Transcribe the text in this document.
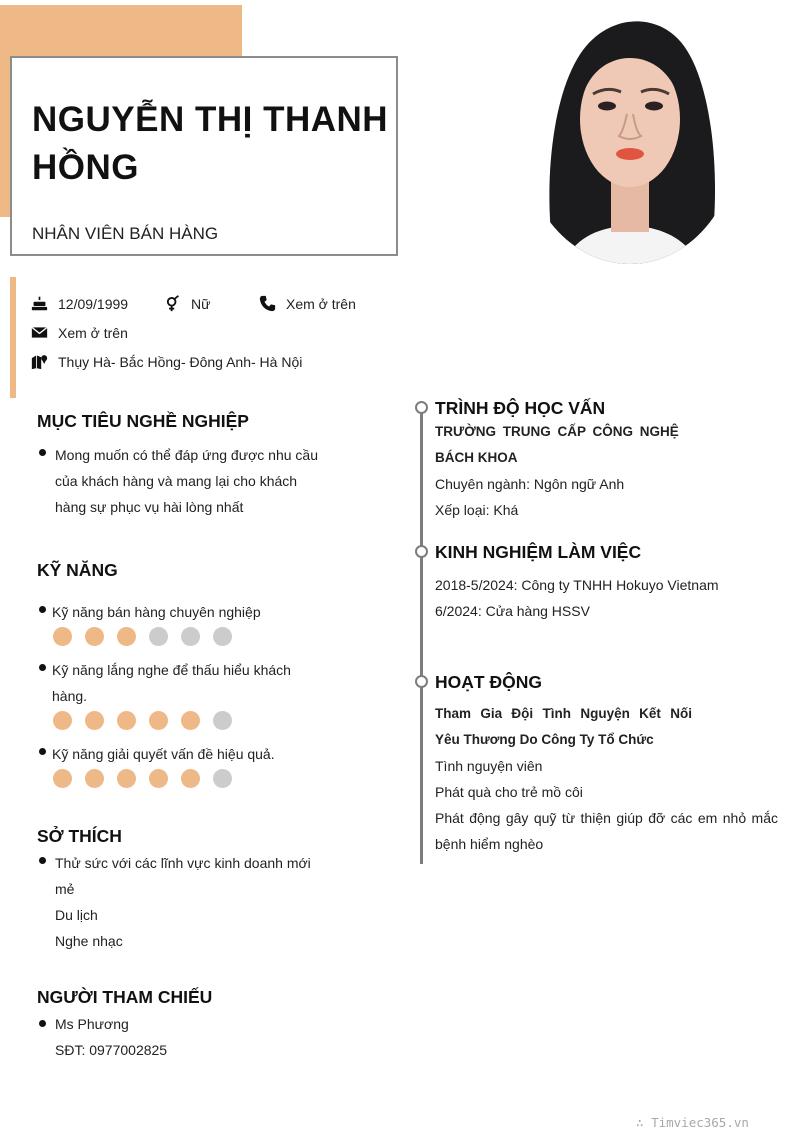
NGUYỄN THỊ THANH
HỒNG
NHÂN VIÊN BÁN HÀNG
12/09/1999	Nữ	Xem ở trên
Xem ở trên
Thụy Hà- Bắc Hồng- Đông Anh- Hà Nội
MỤC TIÊU NGHỀ NGHIỆP
Mong muốn có thể đáp ứng được nhu cầu
của khách hàng và mang lại cho khách
hàng sự phục vụ hài lòng nhất
KỸ NĂNG
Kỹ năng bán hàng chuyên nghiệp
Kỹ năng lắng nghe để thấu hiểu khách
hàng.
Kỹ năng giải quyết vấn đề hiệu quả.
SỞ THÍCH
Thử sức với các lĩnh vực kinh doanh mới
mẻ
Du lịch
Nghe nhạc
NGƯỜI THAM CHIẾU
Ms Phương
SĐT: 0977002825
TRÌNH ĐỘ HỌC VẤN
TRƯỜNG TRUNG CẤP CÔNG NGHỆ
BÁCH KHOA
Chuyên ngành: Ngôn ngữ Anh
Xếp loại: Khá
KINH NGHIỆM LÀM VIỆC
2018-5/2024: Công ty TNHH Hokuyo Vietnam
6/2024: Cửa hàng HSSV
HOẠT ĐỘNG
Tham Gia Đội Tình Nguyện Kết Nối
Yêu Thương Do Công Ty Tổ Chức
Tình nguyện viên
Phát quà cho trẻ mồ côi
Phát động gây quỹ từ thiện giúp đỡ các em nhỏ mắc
bệnh hiểm nghèo
∴ Timviec365.vn
